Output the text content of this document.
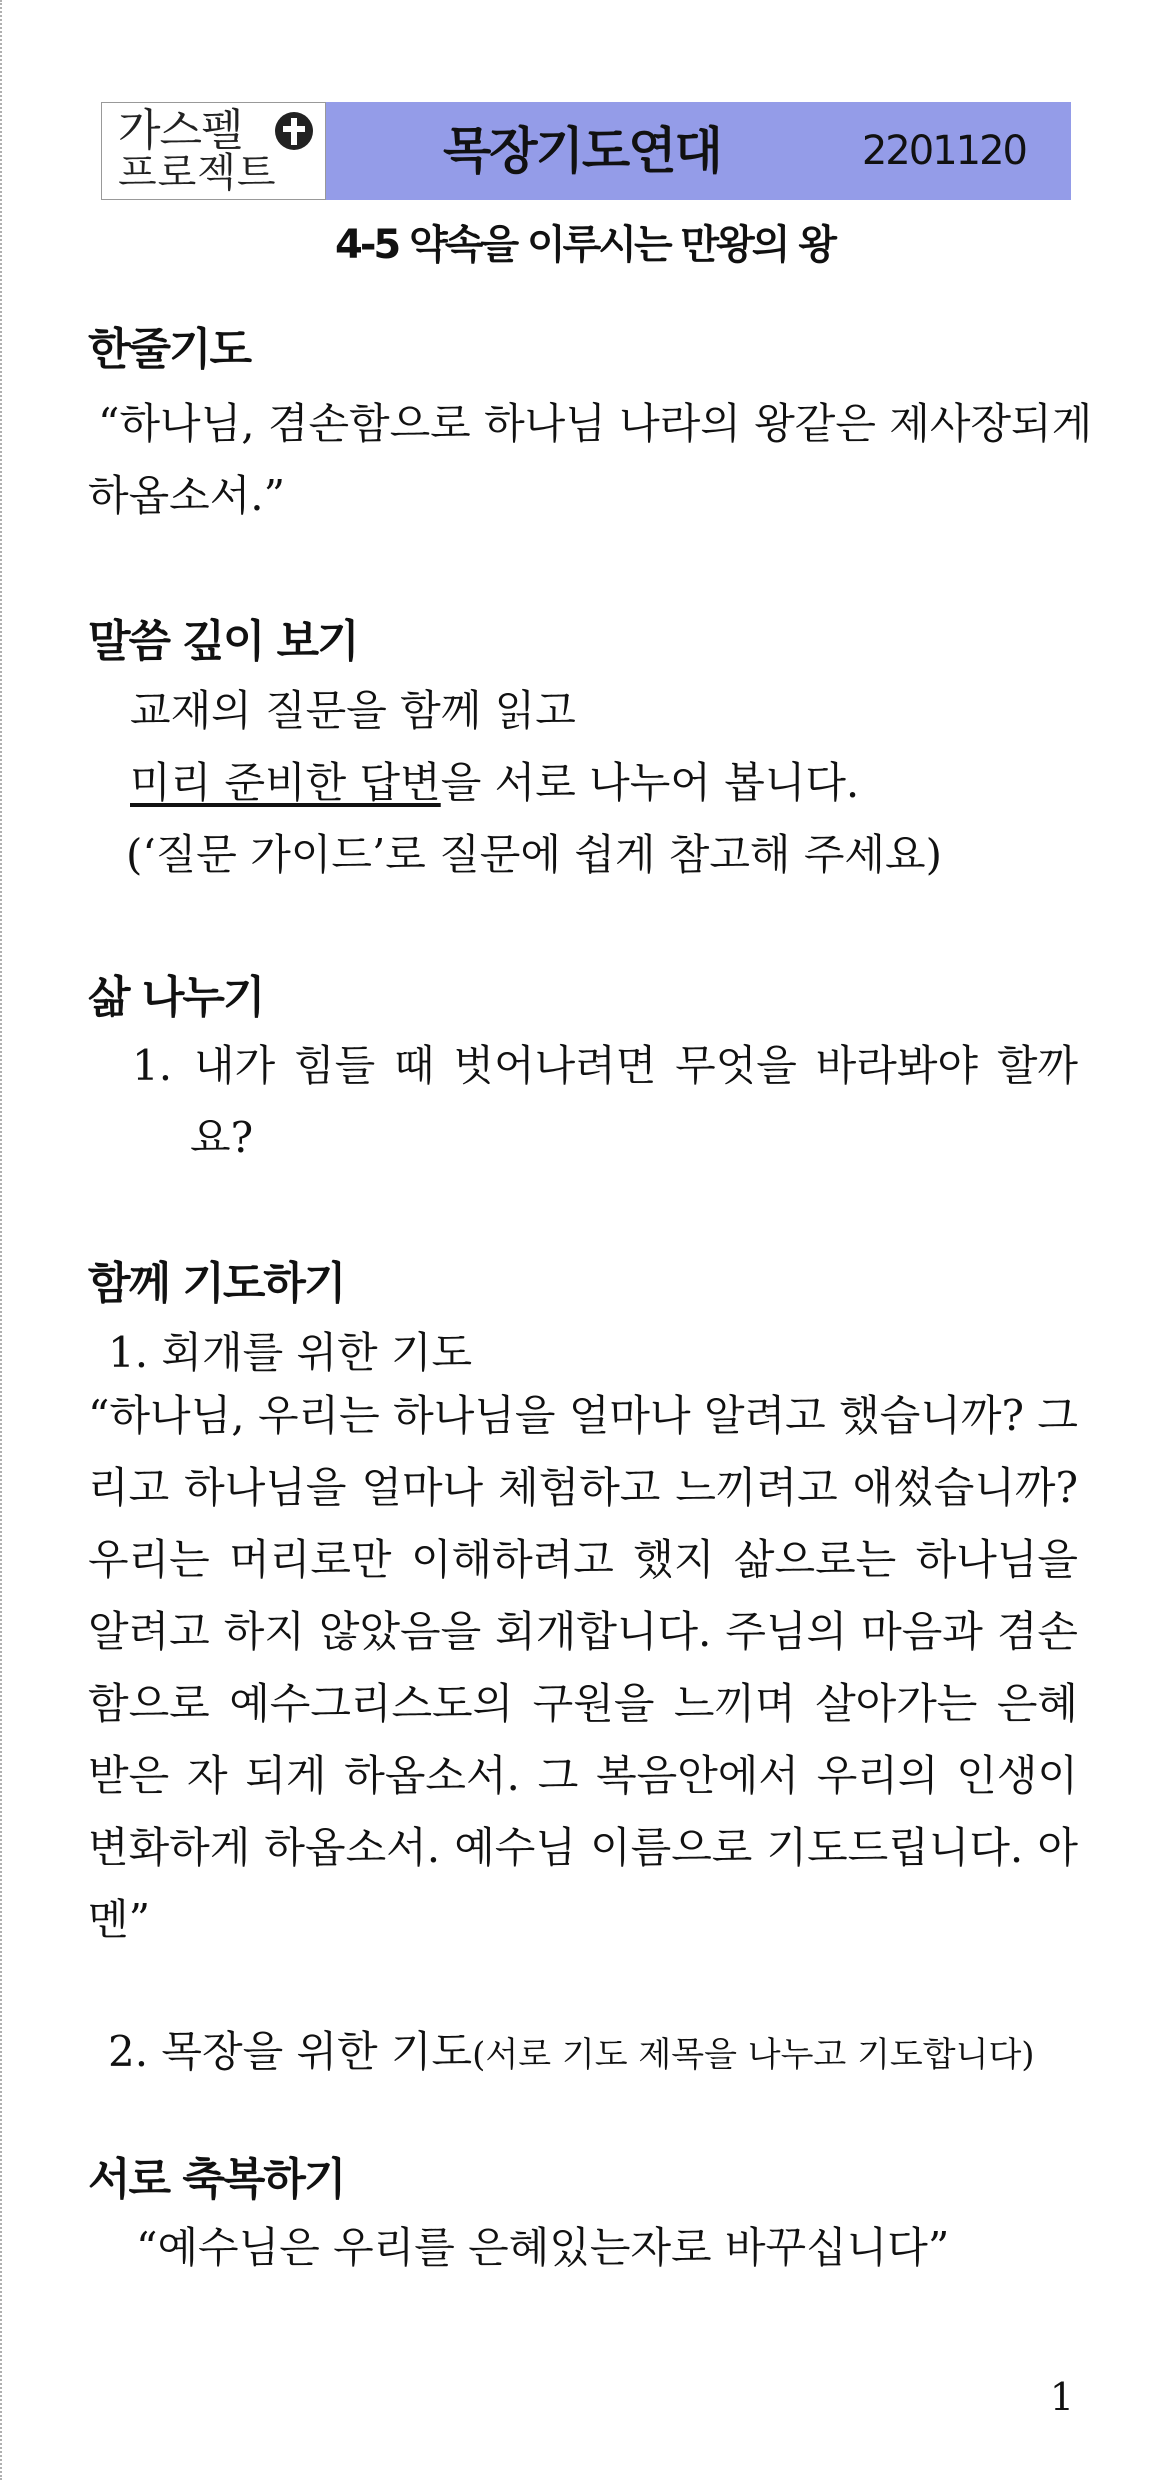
가스펠
프로젝트	목장기도연대	2201120
4-5 약속을 이루시는 만왕의 왕
한줄기도
“하나님, 겸손함으로 하나님 나라의 왕같은 제사장되게
하옵소서.”
말씀 깊이 보기
교재의 질문을 함께 읽고
미리 준비한 답변을 서로 나누어 봅니다.
(‘질문 가이드’로 질문에 쉽게 참고해 주세요)
삶 나누기
1. 내가 힘들 때 벗어나려면 무엇을 바라봐야 할까
요?
함께 기도하기
1. 회개를 위한 기도
“하나님, 우리는 하나님을 얼마나 알려고 했습니까? 그리고 하나님을 얼마나 체험하고 느끼려고 애썼습니까? 우리는 머리로만 이해하려고 했지 삶으로는 하나님을 알려고 하지 않았음을 회개합니다. 주님의 마음과 겸손함으로 예수그리스도의 구원을 느끼며 살아가는 은혜받은 자 되게 하옵소서. 그 복음안에서 우리의 인생이 변화하게 하옵소서. 예수님 이름으로 기도드립니다. 아멘”
2. 목장을 위한 기도(서로 기도 제목을 나누고 기도합니다)
서로 축복하기
“예수님은 우리를 은혜있는자로 바꾸십니다”
1
